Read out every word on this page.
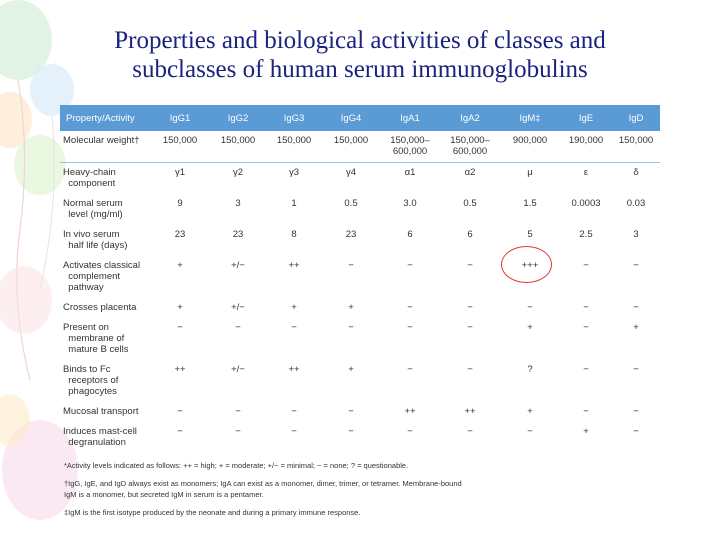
Properties and biological activities of classes and
subclasses of human serum immunoglobulins
Property/Activity	IgG1	IgG2	IgG3	IgG4	IgA1	IgA2	IgM‡	IgE	IgD
Molecular weight†	150,000	150,000	150,000	150,000	150,000–
600,000	150,000–
600,000	900,000	190,000	150,000
Heavy-chain
component	γ1	γ2	γ3	γ4	α1	α2	μ	ε	δ
Normal serum
level (mg/ml)	9	3	1	0.5	3.0	0.5	1.5	0.0003	0.03
In vivo serum
half life (days)	23	23	8	23	6	6	5	2.5	3
Activates classical
complement
pathway	+	+/−	++	−	−	−	+++	−	−
Crosses placenta	+	+/−	+	+	−	−	−	−	−
Present on
membrane of
mature B cells	−	−	−	−	−	−	+	−	+
Binds to Fc
receptors of
phagocytes	++	+/−	++	+	−	−	?	−	−
Mucosal transport	−	−	−	−	++	++	+	−	−
Induces mast-cell
degranulation	−	−	−	−	−	−	−	+	−

*Activity levels indicated as follows: ++ = high; + = moderate; +/− = minimal; − = none; ? = questionable.

†IgG, IgE, and IgD always exist as monomers; IgA can exist as a monomer, dimer, trimer, or tetramer. Membrane-bound
IgM is a monomer, but secreted IgM in serum is a pentamer.

‡IgM is the first isotype produced by the neonate and during a primary immune response.
